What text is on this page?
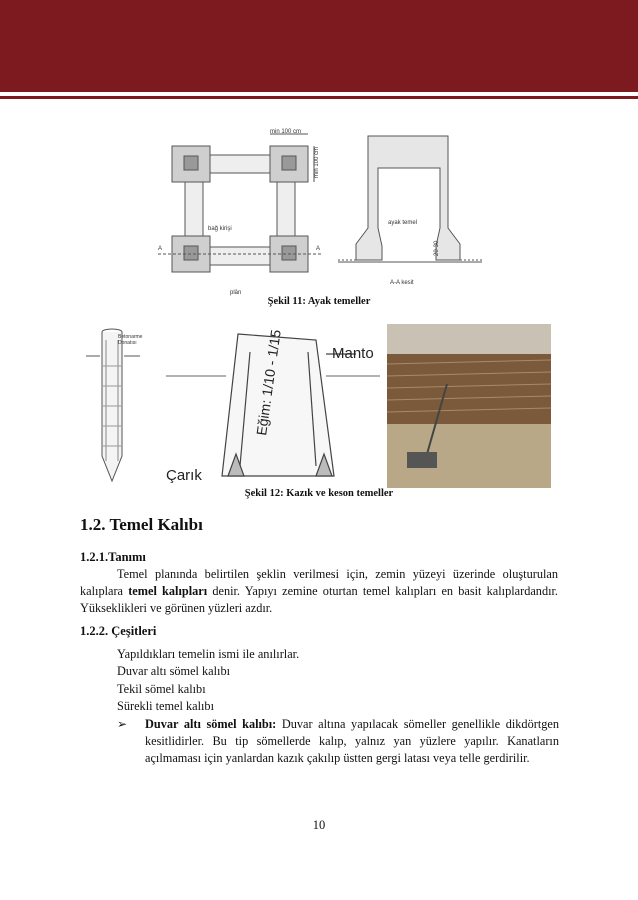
min 100 cm
min 100 cm
bağ kirişi
A	A
ayak temel
20-30
plân
A-A kesit
Şekil 11: Ayak temeller
Betonarme
Donatısı	Eğim: 1/10 - 1/15	Manto
Çarık
Şekil 12: Kazık ve keson temeller
1.2. Temel Kalıbı
1.2.1.Tanımı
Temel planında belirtilen şeklin verilmesi için, zemin yüzeyi üzerinde oluşturulan kalıplara temel kalıpları denir. Yapıyı zemine oturtan temel kalıpları en basit kalıplardandır. Yükseklikleri ve görünen yüzleri azdır.
1.2.2. Çeşitleri
Yapıldıkları temelin ismi ile anılırlar.
Duvar altı sömel kalıbı
Tekil sömel kalıbı
Sürekli temel kalıbı
➢ Duvar altı sömel kalıbı: Duvar altına yapılacak sömeller genellikle dikdörtgen kesitlidirler. Bu tip sömellerde kalıp, yalnız yan yüzlere yapılır. Kanatların açılmaması için yanlardan kazık çakılıp üstten gergi latası veya telle gerdirilir.
10
